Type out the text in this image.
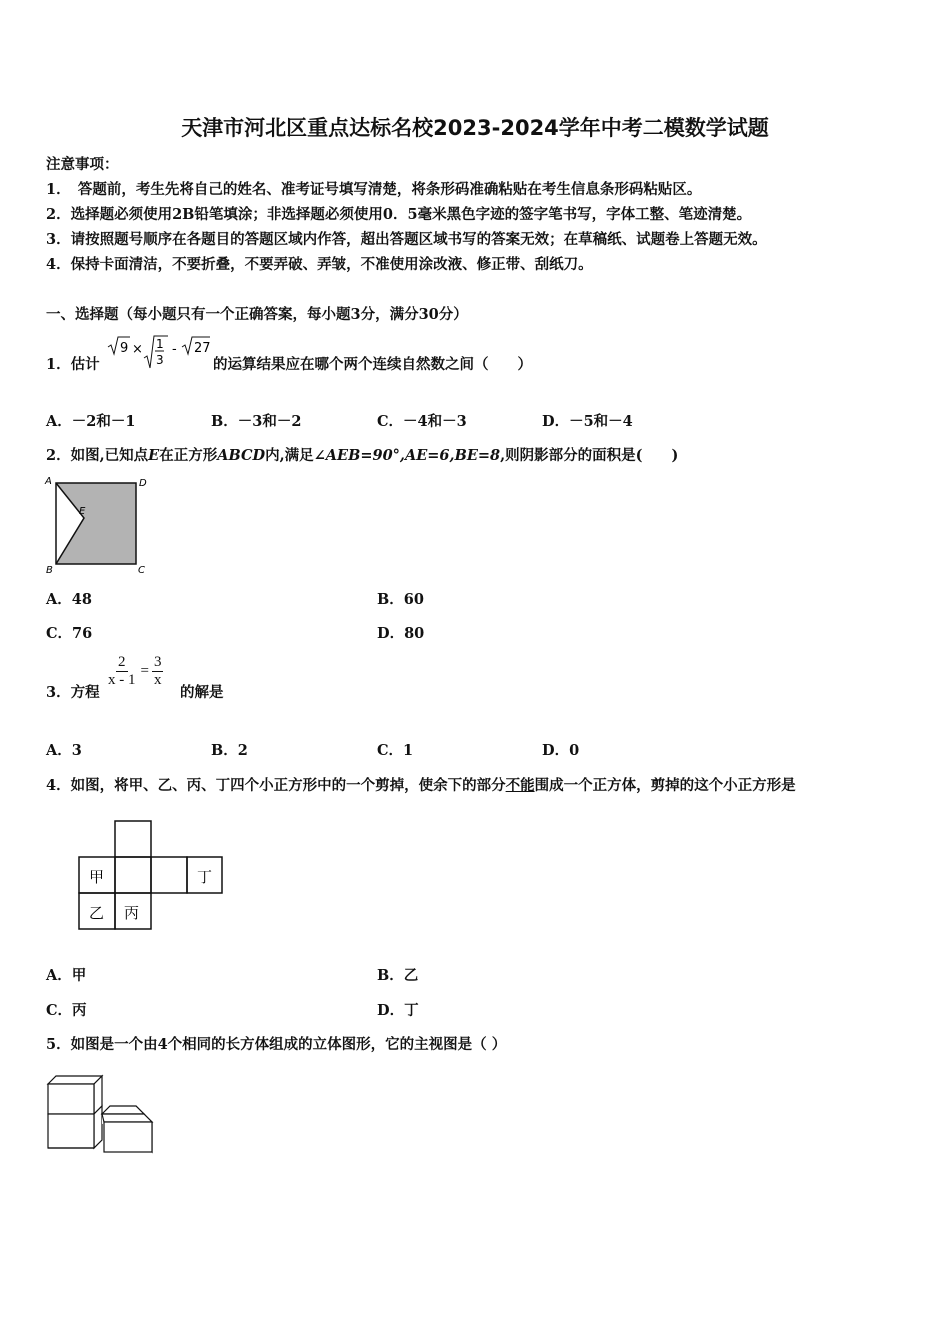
天津市河北区重点达标名校2023-2024学年中考二模数学试题
注意事项：
1．　答题前，考生先将自己的姓名、准考证号填写清楚，将条形码准确粘贴在考生信息条形码粘贴区。
2．选择题必须使用2B铅笔填涂；非选择题必须使用0．5毫米黑色字迹的签字笔书写，字体工整、笔迹清楚。
3．请按照题号顺序在各题目的答题区域内作答，超出答题区域书写的答案无效；在草稿纸、试题卷上答题无效。
4．保持卡面清洁，不要折叠，不要弄破、弄皱，不准使用涂改液、修正带、刮纸刀。
一、选择题（每小题只有一个正确答案，每小题3分，满分30分）
1．估计
9 × 1
3
- 27
的运算结果应在哪个两个连续自然数之间（　　）
A．－2和－1	B．－3和－2	C．－4和－3	D．－5和－4
2．如图,已知点E在正方形ABCD内,满足∠AEB=90°,AE=6,BE=8,则阴影部分的面积是(　　)
A	D
E
B	C
A．48	B．60
C．76	D．80
3．方程
$\frac{2}{x - 1} = \frac{3}{x}$
的解是
A．3	B．2	C．1	D．0
4．如图，将甲、乙、丙、丁四个小正方形中的一个剪掉，使余下的部分不能围成一个正方体，剪掉的这个小正方形是
甲	丁
乙 丙
A．甲	B．乙
C．丙	D．丁
5．如图是一个由4个相同的长方体组成的立体图形，它的主视图是（ ）
